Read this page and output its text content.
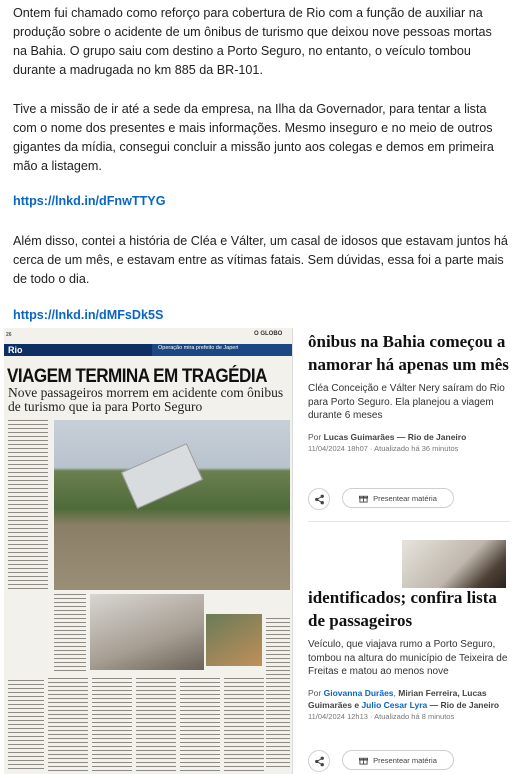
Ontem fui chamado como reforço para cobertura de Rio com a função de auxiliar na produção sobre o acidente de um ônibus de turismo que deixou nove pessoas mortas na Bahia. O grupo saiu com destino a Porto Seguro, no entanto, o veículo tombou durante a madrugada no km 885 da BR-101.

Tive a missão de ir até a sede da empresa, na Ilha da Governador, para tentar a lista com o nome dos presentes e mais informações. Mesmo inseguro e no meio de outros gigantes da mídia, consegui concluir a missão junto aos colegas e demos em primeira mão a listagem.

https://lnkd.in/dFnwTTYG

Além disso, contei a história de Cléa e Válter, um casal de idosos que estavam juntos há cerca de um mês, e estavam entre as vítimas fatais. Sem dúvidas, essa foi a parte mais de todo o dia.

https://lnkd.in/dMFsDk5S
26	O GLOBO
Rio	Operação mira prefeito de Japeri
VIAGEM TERMINA EM TRAGÉDIA
Nove passageiros morrem em acidente com ônibus de turismo que ia para Porto Seguro
ônibus na Bahia começou a namorar há apenas um mês
Cléa Conceição e Válter Nery saíram do Rio para Porto Seguro. Ela planejou a viagem durante 6 meses
Por Lucas Guimarães — Rio de Janeiro
11/04/2024 18h07 · Atualizado há 36 minutos
Presentear matéria
identificados; confira lista de passageiros
Veículo, que viajava rumo a Porto Seguro, tombou na altura do município de Teixeira de Freitas e matou ao menos nove
Por Giovanna Durães, Mirian Ferreira, Lucas Guimarães e Julio Cesar Lyra — Rio de Janeiro
11/04/2024 12h13 · Atualizado há 8 minutos
Presentear matéria
